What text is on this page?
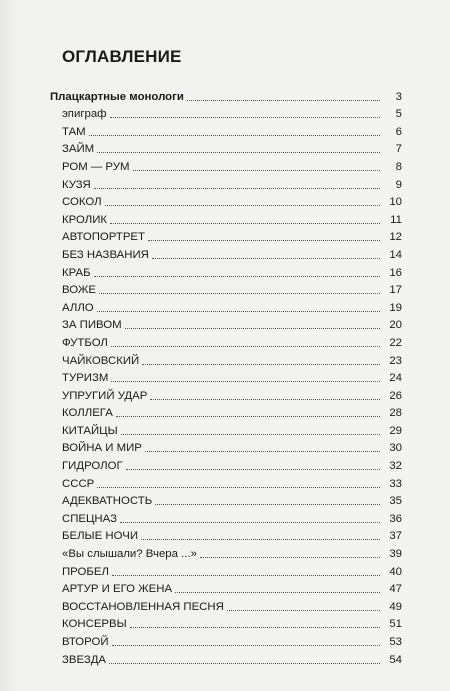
ОГЛАВЛЕНИЕ
Плацкартные монологи	3
эпиграф	5
ТАМ	6
ЗАЙМ	7
РОМ — РУМ	8
КУЗЯ	9
СОКОЛ	10
КРОЛИК	11
АВТОПОРТРЕТ	12
БЕЗ НАЗВАНИЯ	14
КРАБ	16
ВОЖЕ	17
АЛЛО	19
ЗА ПИВОМ	20
ФУТБОЛ	22
ЧАЙКОВСКИЙ	23
ТУРИЗМ	24
УПРУГИЙ УДАР	26
КОЛЛЕГА	28
КИТАЙЦЫ	29
ВОЙНА И МИР	30
ГИДРОЛОГ	32
СССР	33
АДЕКВАТНОСТЬ	35
СПЕЦНАЗ	36
БЕЛЫЕ НОЧИ	37
«Вы слышали? Вчера ...»	39
ПРОБЕЛ	40
АРТУР И ЕГО ЖЕНА	47
ВОССТАНОВЛЕННАЯ ПЕСНЯ	49
КОНСЕРВЫ	51
ВТОРОЙ	53
ЗВЕЗДА	54
